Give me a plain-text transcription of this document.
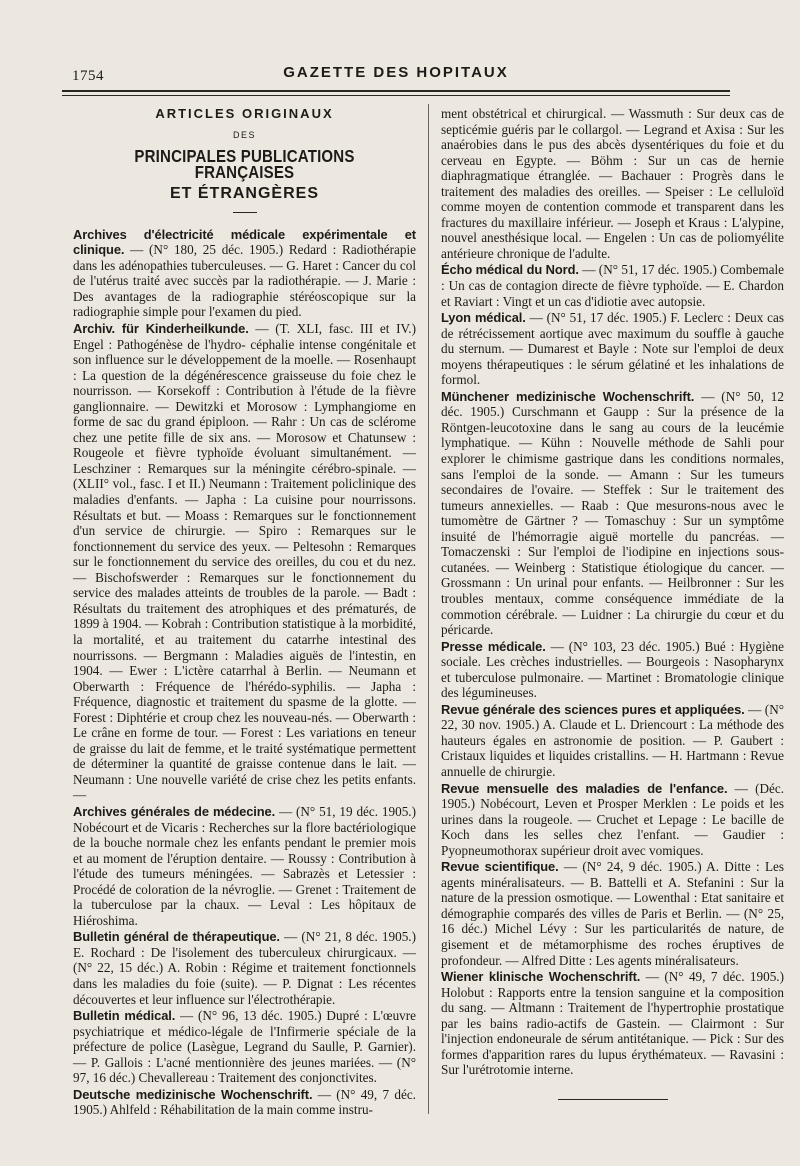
1754	GAZETTE DES HOPITAUX
ARTICLES ORIGINAUX
DES
PRINCIPALES PUBLICATIONS FRANÇAISES
ET ÉTRANGÈRES

Archives d'électricité médicale expérimentale et clinique. — (N° 180, 25 déc. 1905.) Redard : Radiothérapie dans les adénopathies tuberculeuses. — G. Haret : Cancer du col de l'utérus traité avec succès par la radiothérapie. — J. Marie : Des avantages de la radiographie stéréoscopique sur la radiographie simple pour l'examen du pied.

Archiv. für Kinderheilkunde. — (T. XLI, fasc. III et IV.) Engel : Pathogénèse de l'hydro- céphalie intense congénitale et son influence sur le développement de la moelle. — Rosenhaupt : La question de la dégénérescence graisseuse du foie chez le nourrisson. — Korsekoff : Contribution à l'étude de la fièvre ganglionnaire. — Dewitzki et Morosow : Lymphangiome en forme de sac du grand épiploon. — Rahr : Un cas de sclérome chez une petite fille de six ans. — Morosow et Chatunsew : Rougeole et fièvre typhoïde évoluant simultanément. — Leschziner : Remarques sur la méningite cérébro-spinale. — (XLII° vol., fasc. I et II.) Neumann : Traitement policlinique des maladies d'enfants. — Japha : La cuisine pour nourrissons. Résultats et but. — Moass : Remarques sur le fonctionnement d'un service de chirurgie. — Spiro : Remarques sur le fonctionnement du service des yeux. — Peltesohn : Remarques sur le fonctionnement du service des oreilles, du cou et du nez. — Bischofswerder : Remarques sur le fonctionnement du service des malades atteints de troubles de la parole. — Badt : Résultats du traitement des atrophiques et des prématurés, de 1899 à 1904. — Kobrah : Contribution statistique à la morbidité, la mortalité, et au traitement du catarrhe intestinal des nourrissons. — Bergmann : Maladies aiguës de l'intestin, en 1904. — Ewer : L'ictère catarrhal à Berlin. — Neumann et Oberwarth : Fréquence de l'hérédo-syphilis. — Japha : Fréquence, diagnostic et traitement du spasme de la glotte. — Forest : Diphtérie et croup chez les nouveau-nés. — Oberwarth : Le crâne en forme de tour. — Forest : Les variations en teneur de graisse du lait de femme, et le traité systématique permettent de déterminer la quantité de graisse contenue dans le lait. — Neumann : Une nouvelle variété de crise chez les petits enfants. —

Archives générales de médecine. — (N° 51, 19 déc. 1905.) Nobécourt et de Vicaris : Recherches sur la flore bactériologique de la bouche normale chez les enfants pendant le premier mois et au moment de l'éruption dentaire. — Roussy : Contribution à l'étude des tumeurs méningées. — Sabrazès et Letessier : Procédé de coloration de la névroglie. — Grenet : Traitement de la tuberculose par la chaux. — Leval : Les hôpitaux de Hiéroshima.

Bulletin général de thérapeutique. — (N° 21, 8 déc. 1905.) E. Rochard : De l'isolement des tuberculeux chirurgicaux. — (N° 22, 15 déc.) A. Robin : Régime et traitement fonctionnels dans les maladies du foie (suite). — P. Dignat : Les récentes découvertes et leur influence sur l'électrothérapie.

Bulletin médical. — (N° 96, 13 déc. 1905.) Dupré : L'œuvre psychiatrique et médico-légale de l'Infirmerie spéciale de la préfecture de police (Lasègue, Legrand du Saulle, P. Garnier). — P. Gallois : L'acné mentionnière des jeunes mariées. — (N° 97, 16 déc.) Chevallereau : Traitement des conjonctivites.

Deutsche medizinische Wochenschrift. — (N° 49, 7 déc. 1905.) Ahlfeld : Réhabilitation de la main comme instru-

ment obstétrical et chirurgical. — Wassmuth : Sur deux cas de septicémie guéris par le collargol. — Legrand et Axisa : Sur les anaérobies dans le pus des abcès dysentériques du foie et du cerveau en Egypte. — Böhm : Sur un cas de hernie diaphragmatique étranglée. — Bachauer : Progrès dans le traitement des maladies des oreilles. — Speiser : Le celluloïd comme moyen de contention commode et transparent dans les fractures du maxillaire inférieur. — Joseph et Kraus : L'alypine, nouvel anesthésique local. — Engelen : Un cas de poliomyélite antérieure chronique de l'adulte.

Écho médical du Nord. — (N° 51, 17 déc. 1905.) Combemale : Un cas de contagion directe de fièvre typhoïde. — E. Chardon et Raviart : Vingt et un cas d'idiotie avec autopsie.

Lyon médical. — (N° 51, 17 déc. 1905.) F. Leclerc : Deux cas de rétrécissement aortique avec maximum du souffle à gauche du sternum. — Dumarest et Bayle : Note sur l'emploi de deux moyens thérapeutiques : le sérum gélatiné et les inhalations de formol.

Münchener medizinische Wochenschrift. — (N° 50, 12 déc. 1905.) Curschmann et Gaupp : Sur la présence de la Röntgen-leucotoxine dans le sang au cours de la leucémie lymphatique. — Kühn : Nouvelle méthode de Sahli pour explorer le chimisme gastrique dans les conditions normales, sans l'emploi de la sonde. — Amann : Sur les tumeurs secondaires de l'ovaire. — Steffek : Sur le traitement des tumeurs annexielles. — Raab : Que mesurons-nous avec le tumomètre de Gärtner ? — Tomaschuy : Sur un symptôme insuité de l'hémorragie aiguë mortelle du pancréas. — Tomaczenski : Sur l'emploi de l'iodipine en injections sous-cutanées. — Weinberg : Statistique étiologique du cancer. — Grossmann : Un urinal pour enfants. — Heilbronner : Sur les troubles mentaux, comme conséquence immédiate de la commotion cérébrale. — Luidner : La chirurgie du cœur et du péricarde.

Presse médicale. — (N° 103, 23 déc. 1905.) Bué : Hygiène sociale. Les crèches industrielles. — Bourgeois : Nasopharynx et tuberculose pulmonaire. — Martinet : Bromatologie clinique des légumineuses.

Revue générale des sciences pures et appliquées. — (N° 22, 30 nov. 1905.) A. Claude et L. Driencourt : La méthode des hauteurs égales en astronomie de position. — P. Gaubert : Cristaux liquides et liquides cristallins. — H. Hartmann : Revue annuelle de chirurgie.

Revue mensuelle des maladies de l'enfance. — (Déc. 1905.) Nobécourt, Leven et Prosper Merklen : Le poids et les urines dans la rougeole. — Cruchet et Lepage : Le bacille de Koch dans les selles chez l'enfant. — Gaudier : Pyopneumothorax supérieur droit avec vomiques.

Revue scientifique. — (N° 24, 9 déc. 1905.) A. Ditte : Les agents minéralisateurs. — B. Battelli et A. Stefanini : Sur la nature de la pression osmotique. — Lowenthal : Etat sanitaire et démographie comparés des villes de Paris et Berlin. — (N° 25, 16 déc.) Michel Lévy : Sur les particularités de nature, de gisement et de métamorphisme des roches éruptives de profondeur. — Alfred Ditte : Les agents minéralisateurs.

Wiener klinische Wochenschrift. — (N° 49, 7 déc. 1905.) Holobut : Rapports entre la tension sanguine et la composition du sang. — Altmann : Traitement de l'hypertrophie prostatique par les bains radio-actifs de Gastein. — Clairmont : Sur l'injection endoneurale de sérum antitétanique. — Pick : Sur des formes d'apparition rares du lupus érythémateux. — Ravasini : Sur l'urétrotomie interne.
